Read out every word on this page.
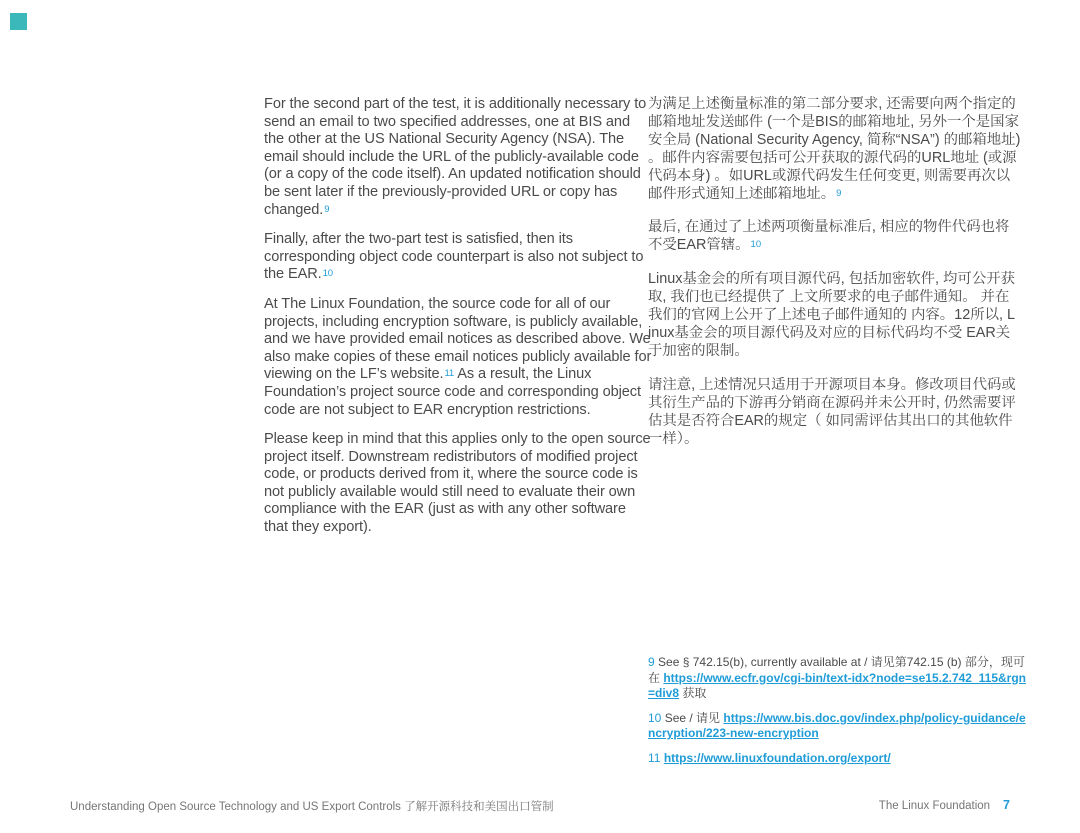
For the second part of the test, it is additionally necessary to send an email to two specified addresses, one at BIS and the other at the US National Security Agency (NSA). The email should include the URL of the publicly-available code (or a copy of the code itself). An updated notification should be sent later if the previously-provided URL or copy has changed.$^9$

Finally, after the two-part test is satisfied, then its corresponding object code counterpart is also not subject to the EAR.$^{10}$

At The Linux Foundation, the source code for all of our projects, including encryption software, is publicly available, and we have provided email notices as described above. We also make copies of these email notices publicly available for viewing on the LF’s website.$^{11}$ As a result, the Linux Foundation’s project source code and corresponding object code are not subject to EAR encryption restrictions.

Please keep in mind that this applies only to the open source project itself. Downstream redistributors of modified project code, or products derived from it, where the source code is not publicly available would still need to evaluate their own compliance with the EAR (just as with any other software that they export).

为满足上述衡量标准的第二部分要求, 还需要向两个指定的邮箱地址发送邮件 (一个是BIS的邮箱地址, 另外一个是国家安全局 (National Security Agency, 简称“NSA”) 的邮箱地址) 。邮件内容需要包括可公开获取的源代码的URL地址 (或源代码本身) 。如URL或源代码发生任何变更, 则需要再次以邮件形式通知上述邮箱地址。$^9$

最后, 在通过了上述两项衡量标准后, 相应的物件代码也将不受EAR管辖。$^{10}$

Linux基金会的所有项目源代码, 包括加密软件, 均可公开获取, 我们也已经提供了 上文所要求的电子邮件通知。 并在我们的官网上公开了上述电子邮件通知的 内容。12所以, L inux基金会的项目源代码及对应的目标代码均不受 EAR关于加密的限制。

请注意, 上述情况只适用于开源项目本身。修改项目代码或其衍生产品的下游再分销商在源码并未公开时, 仍然需要评估其是否符合EAR的规定（ 如同需评估其出口的其他软件一样）。

9 See § 742.15(b), currently available at / 请见第742.15 (b) 部分，现可在 https://www.ecfr.gov/cgi-bin/text-idx?node=se15.2.742_115&rgn=div8 获取

10 See / 请见 https://www.bis.doc.gov/index.php/policy-guidance/encryption/223-new-encryption

11 https://www.linuxfoundation.org/export/

Understanding Open Source Technology and US Export Controls 了解开源科技和美国出口管制	The Linux Foundation 7
